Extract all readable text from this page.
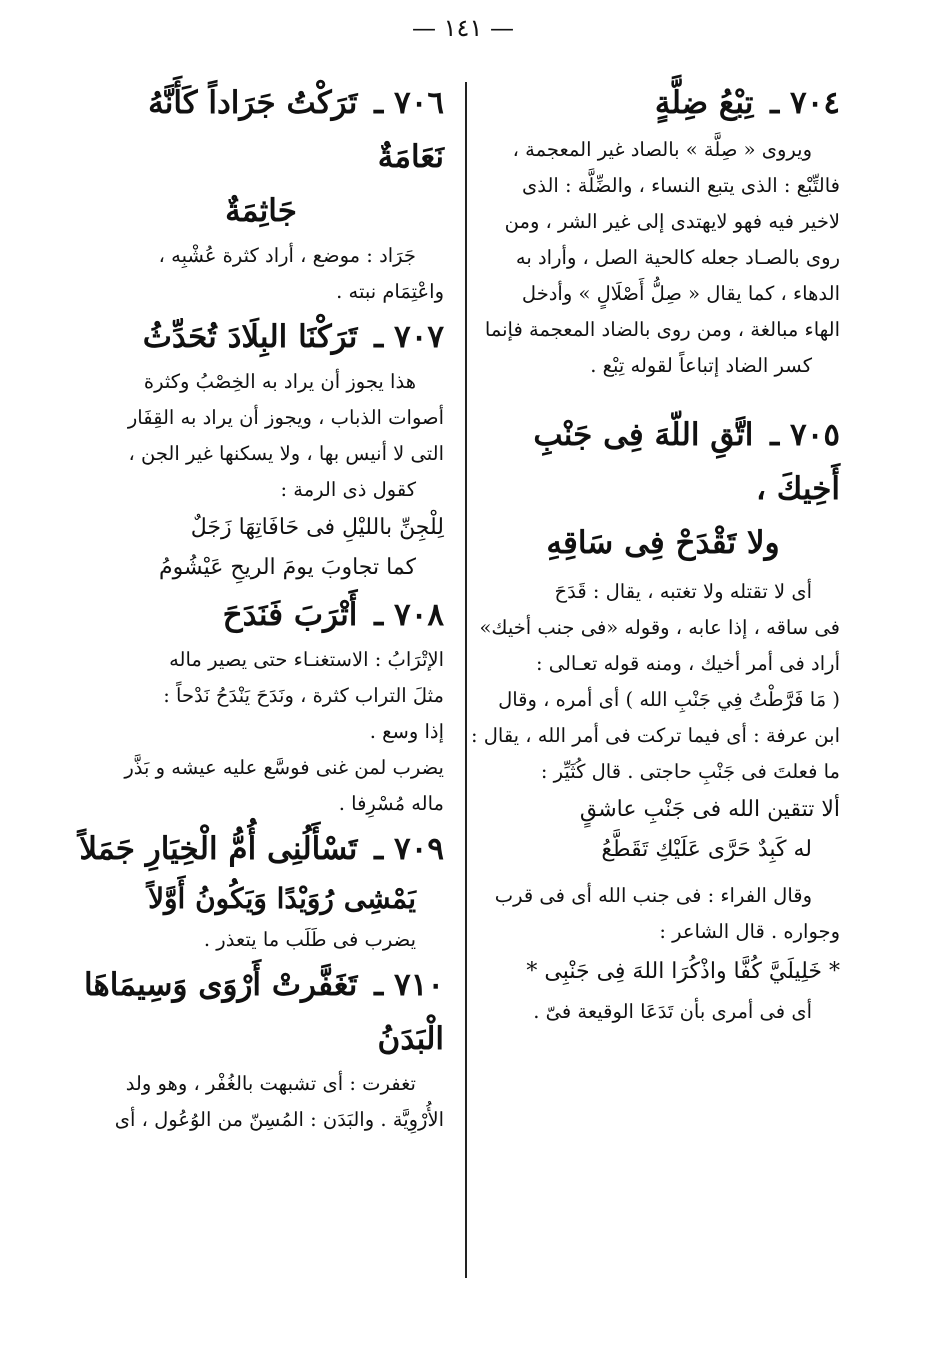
— ١٤١ —

٧٠٤ ـ تِبْعُ ضِلَّةٍ

ويروى « صِلَّة » بالصاد غير المعجمة ،

فالتِّبْع : الذى يتبع النساء ، والضِّلَّة : الذى

لاخير فيه فهو لايهتدى إلى غير الشر ، ومن

روى بالصـاد جعله كالحية الصل ، وأراد به

الدهاء ، كما يقال « صِلُّ أَصْلَالٍ » وأدخل

الهاء مبالغة ، ومن روى بالضاد المعجمة فإنما

كسر الضاد إتباعاً لقوله تِبْع .

٧٠٥ ـ اتَّقِ اللّهَ فِى جَنْبِ أَخِيكَ ،

ولا تَقْدَحْ فِى سَاقِهِ

أى لا تقتله ولا تغتبه ، يقال : قَدَحَ

فى ساقه ، إذا عابه ، وقوله «فى جنب أخيك»

أراد فى أمر أخيك ، ومنه قوله تعـالى :

( مَا فَرَّطْتُ فِي جَنْبِ الله ) أى أمره ، وقال

ابن عرفة : أى فيما تركت فى أمر الله ، يقال :

ما فعلتَ فى جَنْبِ حاجتى . قال كُثَيِّر :

ألا تتقين الله فى جَنْبِ عاشقٍ

له كَبِدٌ حَرَّى عَلَيْكِ تَقَطَّعُ

وقال الفراء : فى جنب الله أى فى قرب

وجواره . قال الشاعر :

* خَلِيلَيَّ كُفَّا واذْكُرَا اللهَ فِى جَنْبِى *

أى فى أمرى بأن تَدَعَا الوقيعة فىّ .

٧٠٦ ـ تَرَكْتُ جَرَاداً كَأَنَّهُ نَعَامَةٌ

جَاثِمَةٌ

جَرَاد : موضع ، أراد كثرة عُشْبِه ،

واعْتِمَام نبته .

٧٠٧ ـ تَرَكْنَا البِلَادَ تُحَدِّثُ

هذا يجوز أن يراد به الخِصْبُ وكثرة

أصوات الذباب ، ويجوز أن يراد به القِفَار

التى لا أنيس بها ، ولا يسكنها غير الجن ،

كقول ذى الرمة :

لِلْجِنِّ بالليْلِ فى حَافَاتِهَا زَجَلٌ

كما تجاوبَ يومَ الريحِ عَيْشُومُ

٧٠٨ ـ أَتْرَبَ فَنَدَحَ

الإتْرَابُ : الاستغنـاء حتى يصير ماله

مثلَ التراب كثرة ، ونَدَحَ يَنْدَحُ نَدْحاً :

إذا وسع .

يضرب لمن غنى فوسَّع عليه عيشه و بَذَّر

ماله مُسْرِفا .

٧٠٩ ـ تَسْأَلُنِى أُمُّ الْخِيَارِ جَمَلاً

يَمْشِى رُوَيْدًا وَيَكُونُ أَوَّلاً

يضرب فى طَلَب ما يتعذر .

٧١٠ ـ تَغَفَّرتْ أَرْوَى وَسِيمَاهَا الْبَدَنُ

تغفرت : أى تشبهت بالغُفْر ، وهو ولد

الأُرْوِيَّة . والبَدَن : المُسِنّ من الوُعُول ، أى
